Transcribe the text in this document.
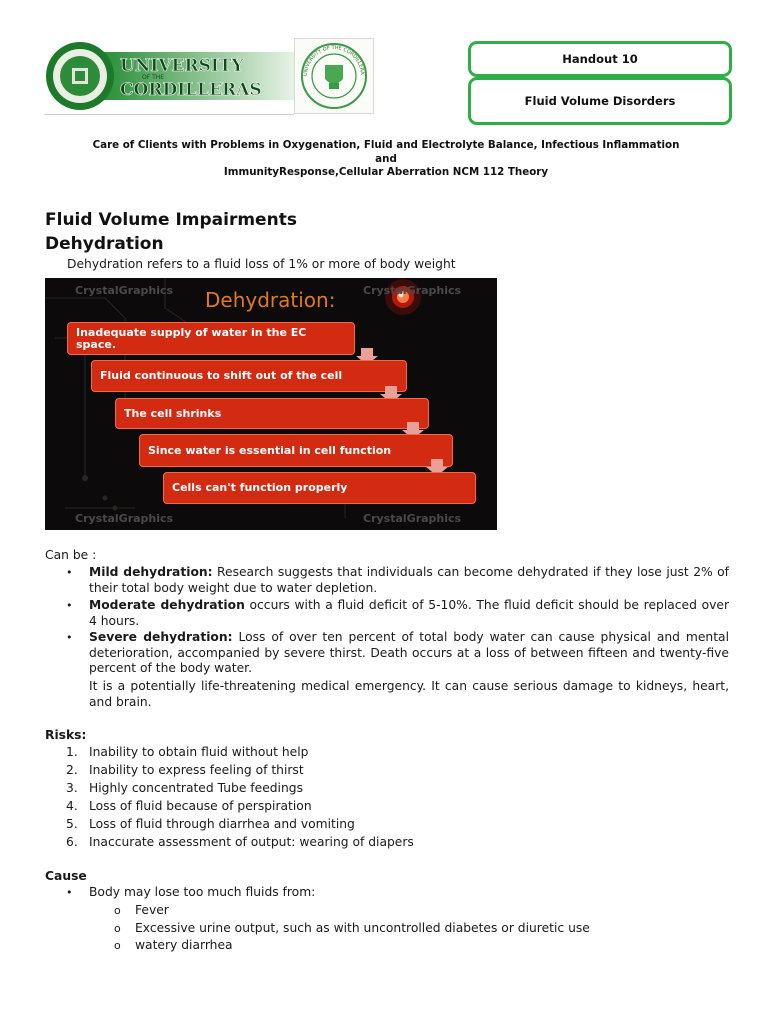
UNIVERSITY
OF THE
CORDILLERAS
UNIVERSITY OF THE CORDILLERA
Handout 10
Fluid Volume Disorders
Care of Clients with Problems in Oxygenation, Fluid and Electrolyte Balance, Infectious Inflammation and
ImmunityResponse,Cellular Aberration NCM 112 Theory
Fluid Volume Impairments
Dehydration
Dehydration refers to a fluid loss of 1% or more of body weight
CrystalGraphics	CrystalGraphics
CrystalGraphics	CrystalGraphics
Dehydration:
Inadequate supply of water in the EC space.
Fluid continuous to shift out of the cell
The cell shrinks
Since water is essential in cell function
Cells can't function properly
Can be :
• Mild dehydration: Research suggests that individuals can become dehydrated if they lose just 2% of their total body weight due to water depletion.
• Moderate dehydration occurs with a fluid deficit of 5-10%. The fluid deficit should be replaced over 4 hours.
• Severe dehydration: Loss of over ten percent of total body water can cause physical and mental deterioration, accompanied by severe thirst. Death occurs at a loss of between fifteen and twenty-five percent of the body water.
It is a potentially life-threatening medical emergency. It can cause serious damage to kidneys, heart, and brain.
Risks:
1. Inability to obtain fluid without help
2. Inability to express feeling of thirst
3. Highly concentrated Tube feedings
4. Loss of fluid because of perspiration
5. Loss of fluid through diarrhea and vomiting
6. Inaccurate assessment of output: wearing of diapers
Cause
• Body may lose too much fluids from:
o Fever
o Excessive urine output, such as with uncontrolled diabetes or diuretic use
o watery diarrhea
